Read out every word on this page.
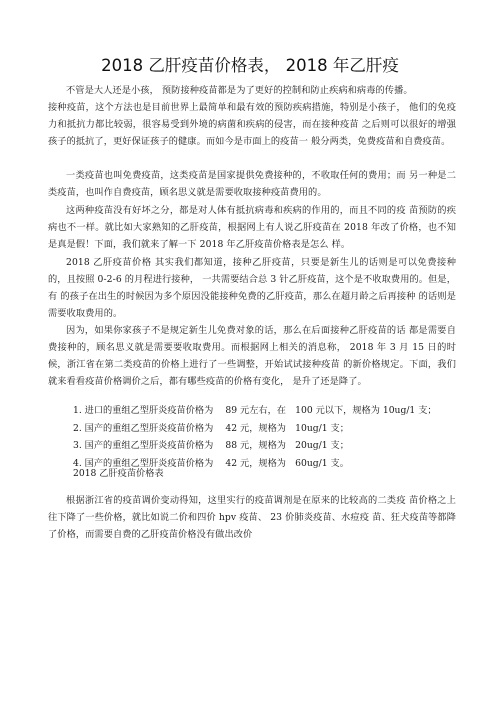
2018 乙肝疫苗价格表， 2018 年乙肝疫
不管是大人还是小孩， 预防接种疫苗都是为了更好的控制和防止疾病和病毒的传播。
接种疫苗，这个方法也是目前世界上最简单和最有效的预防疾病措施，特别是小孩子， 他们的免疫力和抵抗力都比较弱，很容易受到外境的病菌和疾病的侵害，而在接种疫苗 之后则可以很好的增强孩子的抵抗了，更好保证孩子的健康。而如今是市面上的疫苗一 般分两类，免费疫苗和自费疫苗。
一类疫苗也叫免费疫苗，这类疫苗是国家提供免费接种的，不收取任何的费用；而 另一种是二类疫苗，也叫作自费疫苗，顾名思义就是需要收取接种疫苗费用的。
这两种疫苗没有好坏之分，都是对人体有抵抗病毒和疾病的作用的，而且不同的疫 苗预防的疾病也不一样。就比如大家熟知的乙肝疫苗，根据网上有人说乙肝疫苗在 2018 年改了价格，也不知是真是假！下面，我们就来了解一下 2018 年乙肝疫苗价格表是怎么 样。
2018 乙肝疫苗价格 其实我们都知道，接种乙肝疫苗，只要是新生儿的话则是可以免费接种的，且按照 0-2-6 的月程进行接种， 一共需要结合总 3 针乙肝疫苗，这个是不收取费用的。但是，有 的孩子在出生的时候因为多个原因没能接种免费的乙肝疫苗，那么在超月龄之后再接种 的话则是需要收取费用的。
因为，如果你家孩子不是规定新生儿免费对象的话，那么在后面接种乙肝疫苗的话 都是需要自费接种的，顾名思义就是需要要收取费用。而根据网上相关的消息称， 2018 年 3 月 15 日的时候，浙江省在第二类疫苗的价格上进行了一些调整，开始试试接种疫苗 的新价格规定。下面，我们就来看看疫苗价格调价之后，都有哪些疫苗的价格有变化， 是升了还是降了。
1. 进口的重组乙型肝炎疫苗价格为 　89 元左右，在　100 元以下，规格为 10ug/1 支；
2. 国产的重组乙型肝炎疫苗价格为　 42 元，规格为　10ug/1 支；
3. 国产的重组乙型肝炎疫苗价格为　 88 元，规格为　20ug/1 支；
4. 国产的重组乙型肝炎疫苗价格为　 42 元，规格为　60ug/1 支。
2018 乙肝疫苗价格表
根据浙江省的疫苗调价变动得知，这里实行的疫苗调剂是在原来的比较高的二类疫 苗价格之上往下降了一些价格，就比如说二价和四价 hpv 疫苗、 23 价肺炎疫苗、水痘疫 苗、狂犬疫苗等都降了价格，而需要自费的乙肝疫苗价格没有做出改价
